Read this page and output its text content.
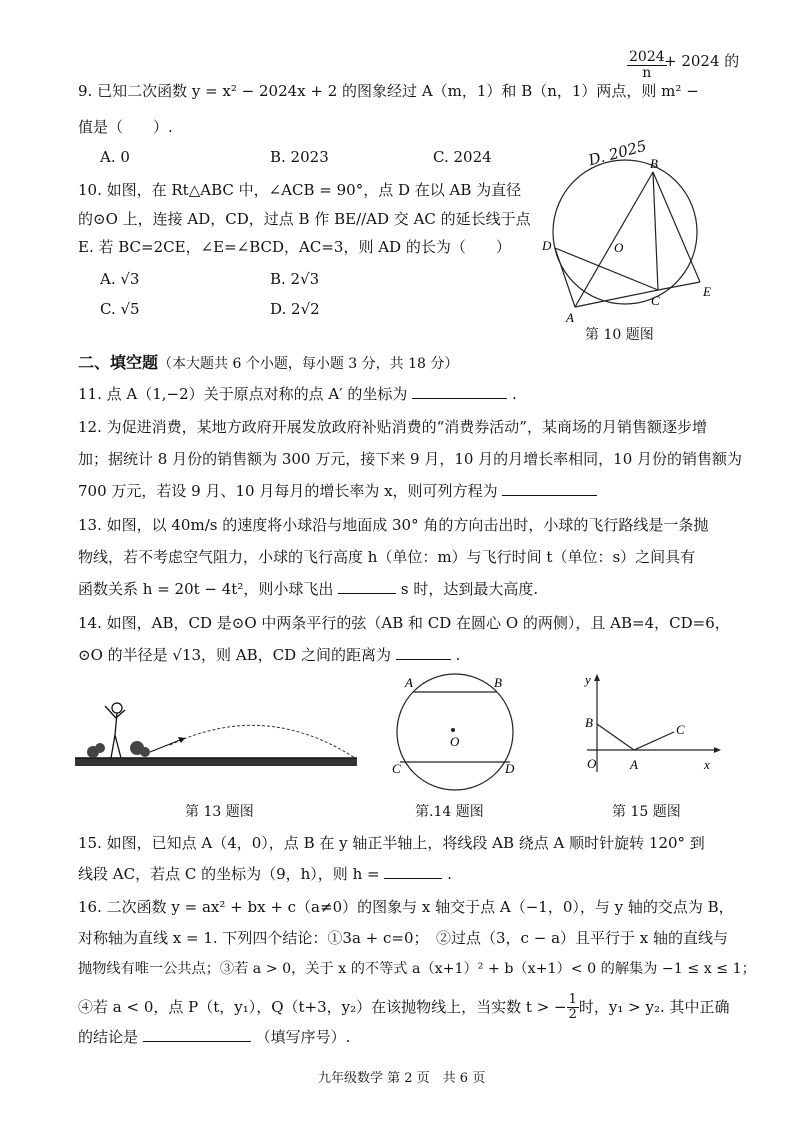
9. 已知二次函数 y = x² − 2024x + 2 的图象经过 A（m，1）和 B（n，1）两点，则 m² −
$\frac{2024}{n}$
+ 2024 的
值是（　　）.
A. 0	B. 2023	C. 2024	D. 2025
10. 如图，在 Rt△ABC 中，∠ACB = 90°，点 D 在以 AB 为直径
的⊙O 上，连接 AD，CD，过点 B 作 BE//AD 交 AC 的延长线于点
E. 若 BC=2CE，∠E=∠BCD，AC=3，则 AD 的长为（　　）
A. √3	B. 2√3
C. √5	D. 2√2
B
O
D
A
C
E
第 10 题图
二、填空题（本大题共 6 个小题，每小题 3 分，共 18 分）
11. 点 A（1,−2）关于原点对称的点 A′ 的坐标为	.
12. 为促进消费，某地方政府开展发放政府补贴消费的“消费券活动”，某商场的月销售额逐步增
加；据统计 8 月份的销售额为 300 万元，接下来 9 月，10 月的月增长率相同，10 月份的销售额为
700 万元，若设 9 月、10 月每月的增长率为 x，则可列方程为
13. 如图，以 40m/s 的速度将小球沿与地面成 30° 角的方向击出时，小球的飞行路线是一条抛
物线，若不考虑空气阻力，小球的飞行高度 h（单位：m）与飞行时间 t（单位：s）之间具有
函数关系 h = 20t − 4t²，则小球飞出	s 时，达到最大高度.
14. 如图，AB，CD 是⊙O 中两条平行的弦（AB 和 CD 在圆心 O 的两侧），且 AB=4，CD=6，
⊙O 的半径是 √13，则 AB，CD 之间的距离为	.
第 13 题图
A	B
O
C	D
第.14 题图
y
B	C
O	A	x
第 15 题图
15. 如图，已知点 A（4，0），点 B 在 y 轴正半轴上，将线段 AB 绕点 A 顺时针旋转 120° 到
线段 AC，若点 C 的坐标为（9，h），则 h =	.
16. 二次函数 y = ax² + bx + c（a≠0）的图象与 x 轴交于点 A（−1，0），与 y 轴的交点为 B，
对称轴为直线 x = 1. 下列四个结论：①3a + c=0；　②过点（3，c − a）且平行于 x 轴的直线与
抛物线有唯一公共点；③若 a > 0，关于 x 的不等式 a（x+1）² + b（x+1）< 0 的解集为 −1 ≤ x ≤ 1；
④若 a < 0，点 P（t，y₁），Q（t+3，y₂）在该抛物线上，当实数 t > − $\frac{1}{2}$ 时，y₁ > y₂. 其中正确
的结论是	（填写序号）.
九年级数学 第 2 页　共 6 页
